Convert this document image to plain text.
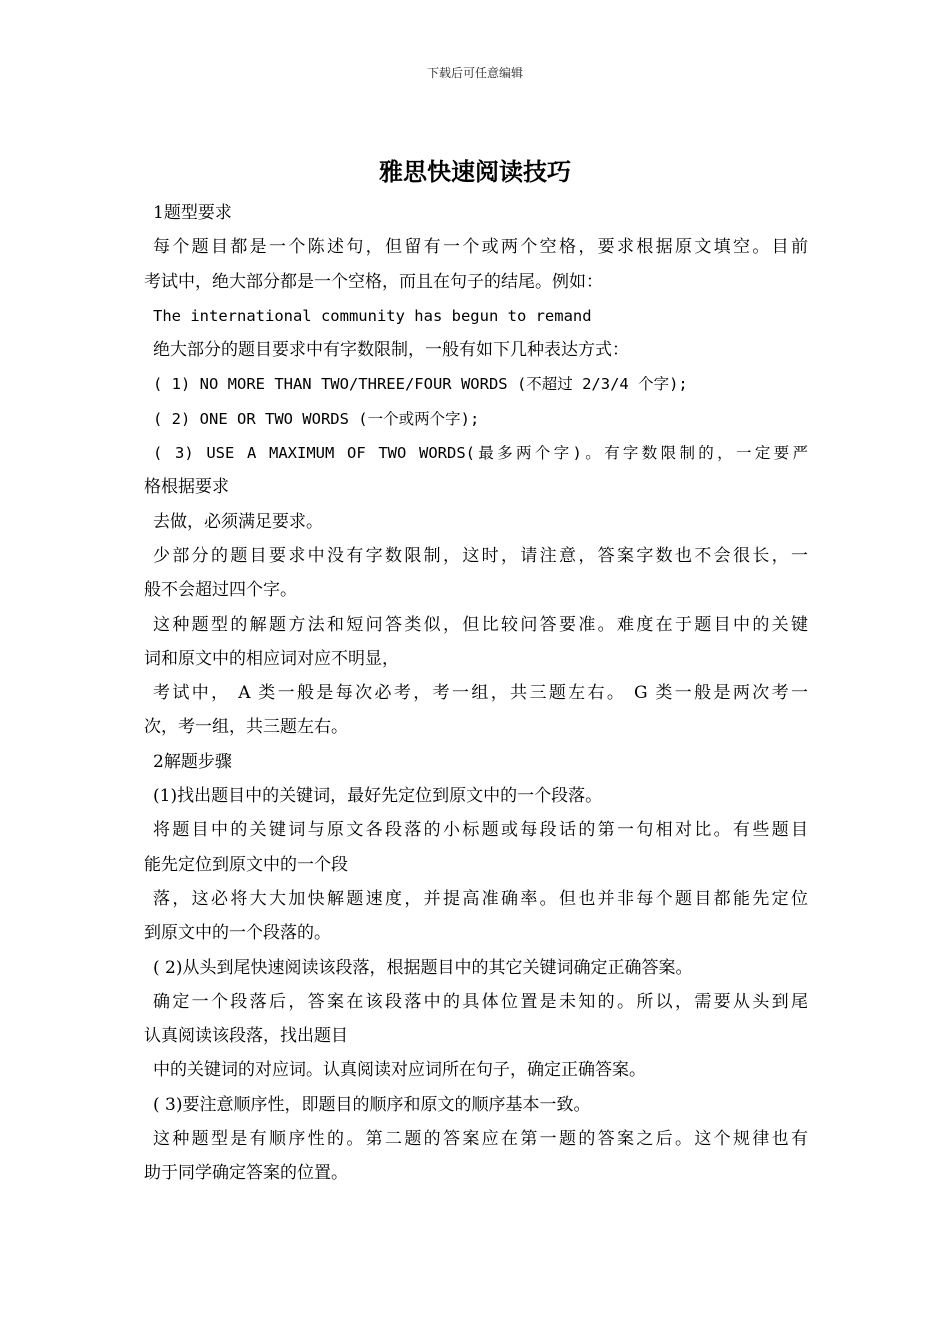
下载后可任意编辑
雅思快速阅读技巧
1题型要求
每个题目都是一个陈述句，但留有一个或两个空格，要求根据原文填空。目前
考试中，绝大部分都是一个空格，而且在句子的结尾。例如：
The international community has begun to remand
绝大部分的题目要求中有字数限制，一般有如下几种表达方式：
( 1) NO MORE THAN TWO/THREE/FOUR WORDS (不超过 2/3/4 个字);
( 2) ONE OR TWO WORDS (一个或两个字);
( 3) USE A MAXIMUM OF TWO WORDS(最多两个字)。有字数限制的，一定要严
格根据要求
去做，必须满足要求。
少部分的题目要求中没有字数限制，这时，请注意，答案字数也不会很长，一
般不会超过四个字。
这种题型的解题方法和短问答类似，但比较问答要准。难度在于题目中的关键
词和原文中的相应词对应不明显，
考试中， A 类一般是每次必考，考一组，共三题左右。 G 类一般是两次考一
次，考一组，共三题左右。
2解题步骤
(1)找出题目中的关键词，最好先定位到原文中的一个段落。
将题目中的关键词与原文各段落的小标题或每段话的第一句相对比。有些题目
能先定位到原文中的一个段
落，这必将大大加快解题速度，并提高准确率。但也并非每个题目都能先定位
到原文中的一个段落的。
( 2)从头到尾快速阅读该段落，根据题目中的其它关键词确定正确答案。
确定一个段落后，答案在该段落中的具体位置是未知的。所以，需要从头到尾
认真阅读该段落，找出题目
中的关键词的对应词。认真阅读对应词所在句子，确定正确答案。
( 3)要注意顺序性，即题目的顺序和原文的顺序基本一致。
这种题型是有顺序性的。第二题的答案应在第一题的答案之后。这个规律也有
助于同学确定答案的位置。
